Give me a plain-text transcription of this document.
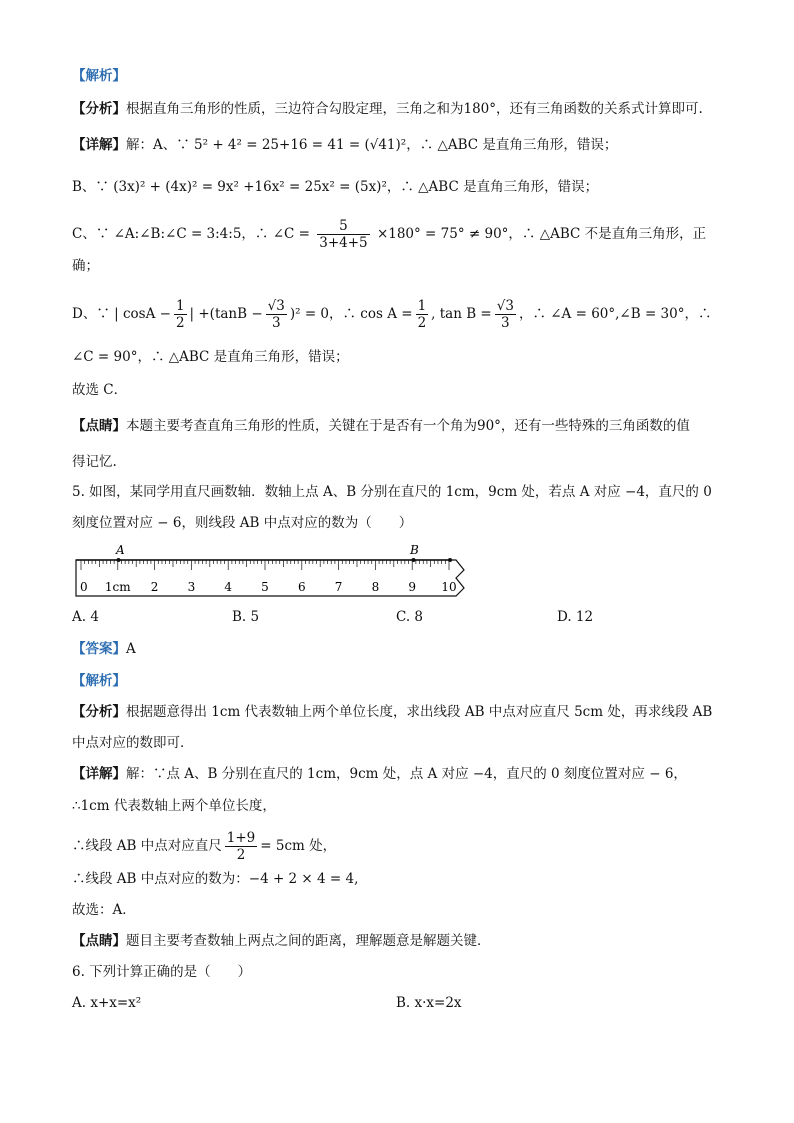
【解析】
【分析】根据直角三角形的性质，三边符合勾股定理，三角之和为180°，还有三角函数的关系式计算即可.
【详解】解：A、∵ 5² + 4² = 25+16 = 41 = (√41)²，∴ △ABC 是直角三角形，错误；
B、∵ (3x)² + (4x)² = 9x² +16x² = 25x² = (5x)²，∴ △ABC 是直角三角形，错误；
C、∵ ∠A:∠B:∠C = 3:4:5，∴ ∠C = $\frac{5}{3+4+5} \times 180^\circ = 75^\circ \ne 90^\circ$，∴ △ABC 不是直角三角形，正
确；
D、∵ | $\cos A - \frac{1}{2}$ | $+(\tan B - \frac{√3}{3} )^2 = 0$，∴ $\cos A = \frac{1}{2}$ , $\tan B = \frac{√3}{3}$ ，∴ ∠A = 60°,∠B = 30°，∴
∠C = 90°，∴ △ABC 是直角三角形，错误；
故选 C．
【点睛】本题主要考查直角三角形的性质，关键在于是否有一个角为90°，还有一些特殊的三角函数的值
得记忆.
5. 如图，某同学用直尺画数轴．数轴上点 A、B 分别在直尺的 1cm，9cm 处，若点 A 对应 −4，直尺的 0
刻度位置对应 − 6，则线段 AB 中点对应的数为（　　）
0 1cm 2 3 4 5 6 7 8 9 10
A	B
A. 4	B. 5	C. 8	D. 12
【答案】A
【解析】
【分析】根据题意得出 1cm 代表数轴上两个单位长度，求出线段 AB 中点对应直尺 5cm 处，再求线段 AB
中点对应的数即可．
【详解】解：∵点 A、B 分别在直尺的 1cm，9cm 处，点 A 对应 −4，直尺的 0 刻度位置对应 − 6，
∴1cm 代表数轴上两个单位长度，
∴线段 AB 中点对应直尺 $\frac{1+9}{2} = 5cm$ 处，
∴线段 AB 中点对应的数为：−4 + 2 × 4 = 4,
故选：A．
【点睛】题目主要考查数轴上两点之间的距离，理解题意是解题关键．
6. 下列计算正确的是（　　）
A. x+x=x²	B. x·x=2x
